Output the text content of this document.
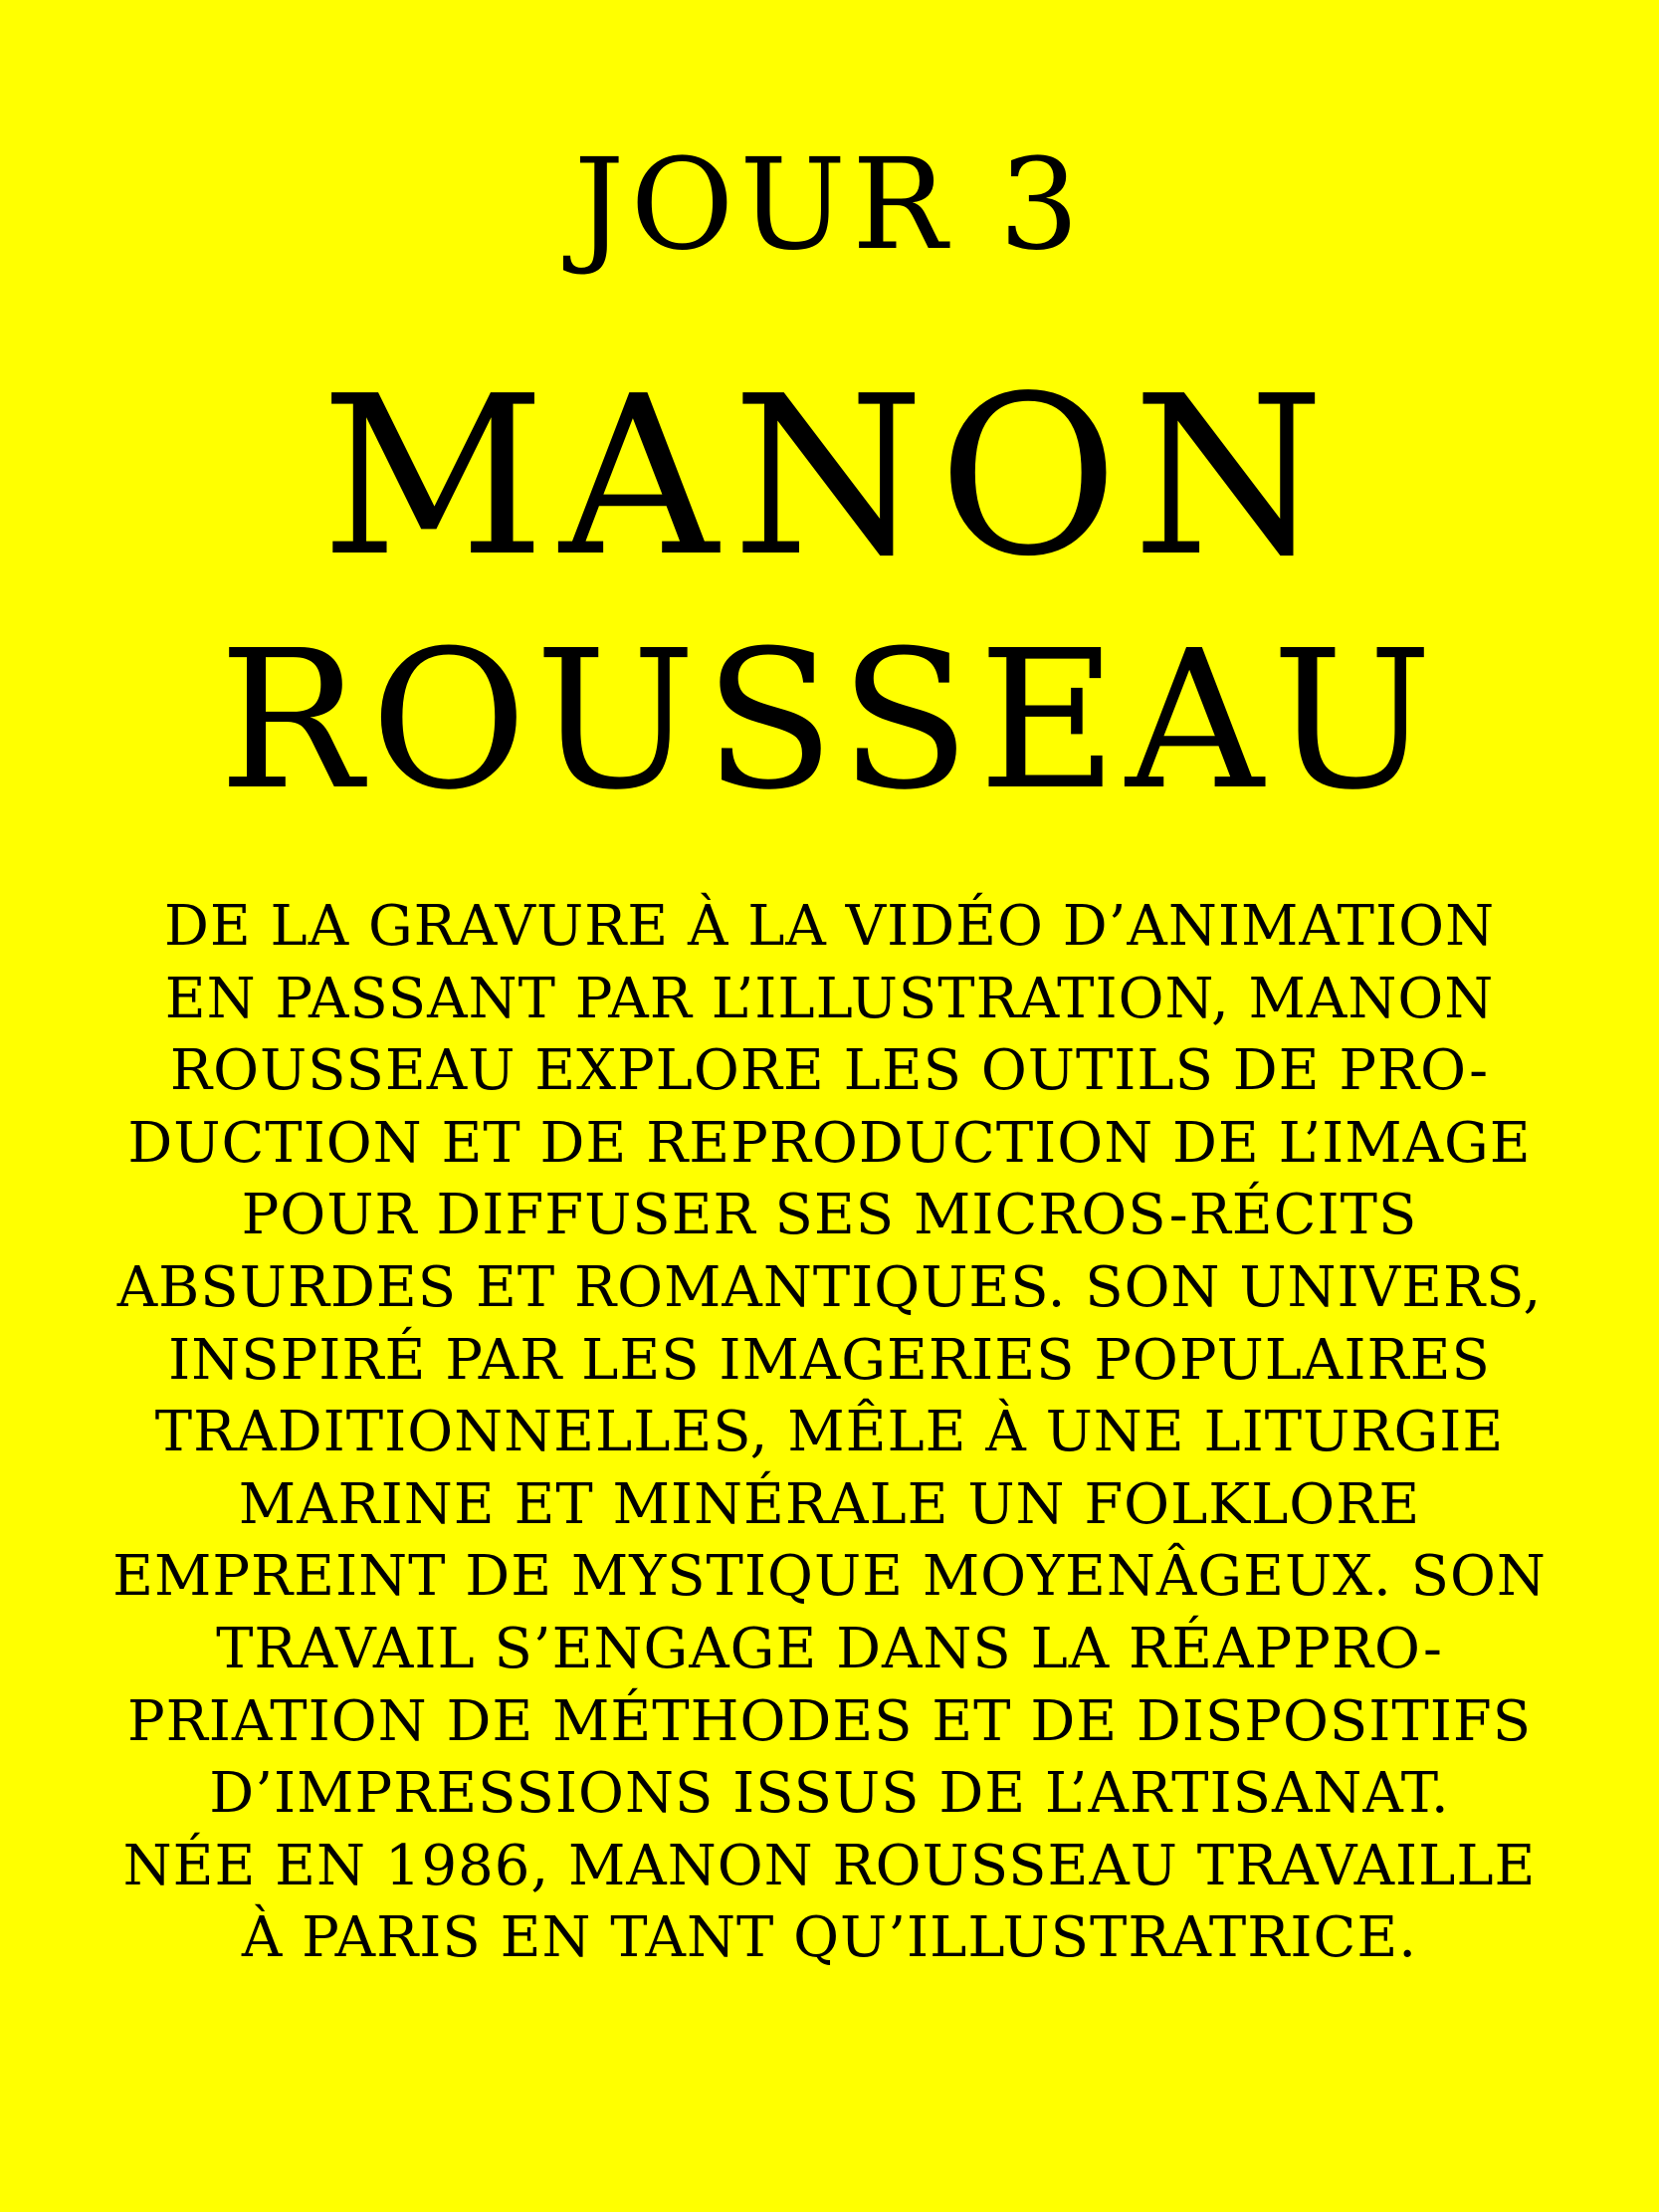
JOUR 3
MANON
ROUSSEAU

DE LA GRAVURE À LA VIDÉO D’ANIMATION
EN PASSANT PAR L’ILLUSTRATION, MANON
ROUSSEAU EXPLORE LES OUTILS DE PRO-
DUCTION ET DE REPRODUCTION DE L’IMAGE
POUR DIFFUSER SES MICROS-RÉCITS
ABSURDES ET ROMANTIQUES. SON UNIVERS,
INSPIRÉ PAR LES IMAGERIES POPULAIRES
TRADITIONNELLES, MÊLE À UNE LITURGIE
MARINE ET MINÉRALE UN FOLKLORE
EMPREINT DE MYSTIQUE MOYENÂGEUX. SON
TRAVAIL S’ENGAGE DANS LA RÉAPPRO-
PRIATION DE MÉTHODES ET DE DISPOSITIFS
D’IMPRESSIONS ISSUS DE L’ARTISANAT.
NÉE EN 1986, MANON ROUSSEAU TRAVAILLE
À PARIS EN TANT QU’ILLUSTRATRICE.
